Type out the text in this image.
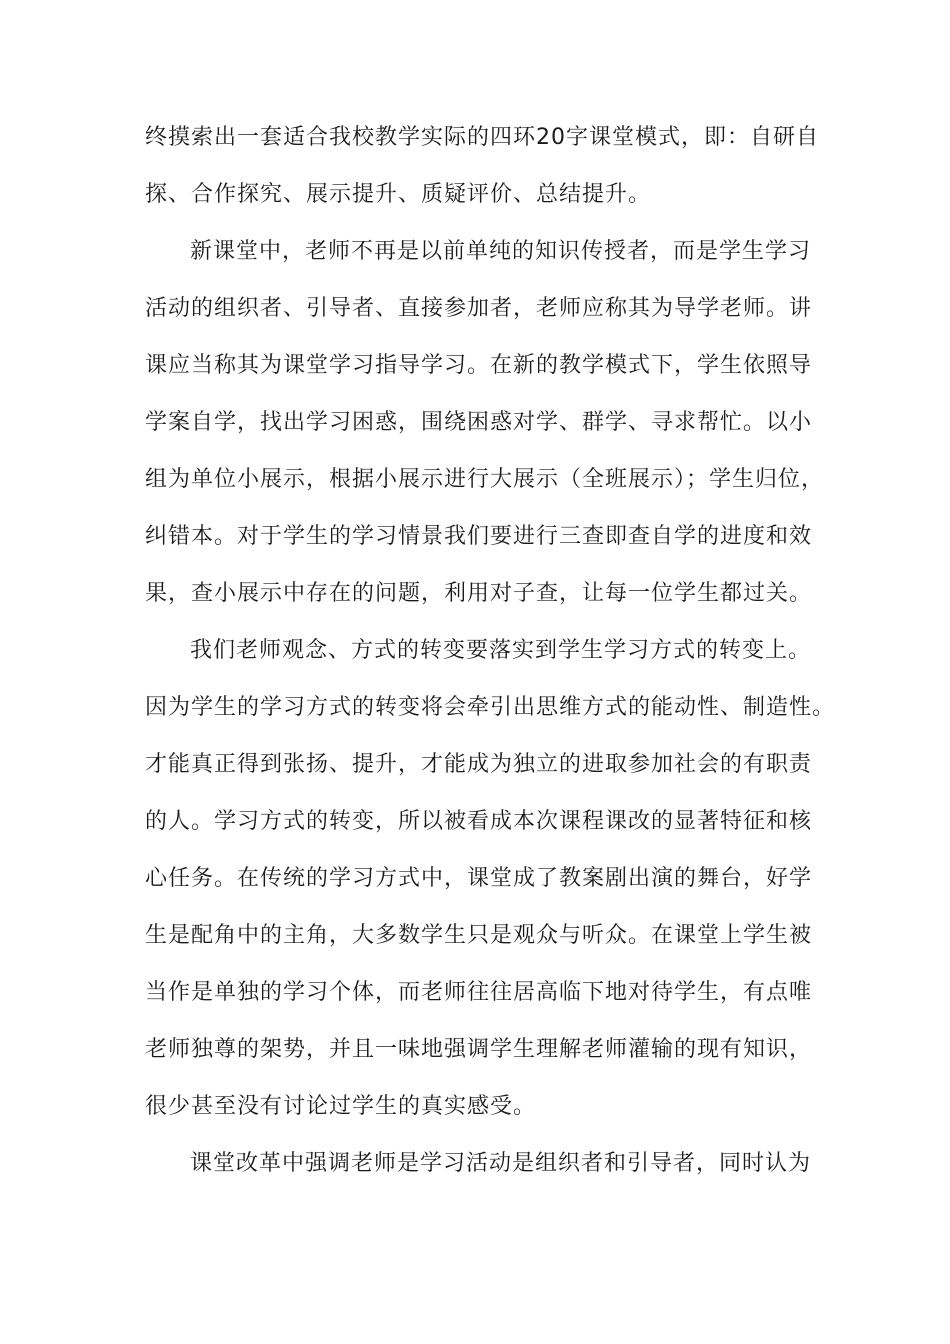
终摸索出一套适合我校教学实际的四环20字课堂模式，即：自研自
探、合作探究、展示提升、质疑评价、总结提升。
新课堂中，老师不再是以前单纯的知识传授者，而是学生学习
活动的组织者、引导者、直接参加者，老师应称其为导学老师。讲
课应当称其为课堂学习指导学习。在新的教学模式下，学生依照导
学案自学，找出学习困惑，围绕困惑对学、群学、寻求帮忙。以小
组为单位小展示，根据小展示进行大展示（全班展示）；学生归位，
纠错本。对于学生的学习情景我们要进行三查即查自学的进度和效
果，查小展示中存在的问题，利用对子查，让每一位学生都过关。
我们老师观念、方式的转变要落实到学生学习方式的转变上。
因为学生的学习方式的转变将会牵引出思维方式的能动性、制造性。
才能真正得到张扬、提升，才能成为独立的进取参加社会的有职责
的人。学习方式的转变，所以被看成本次课程课改的显著特征和核
心任务。在传统的学习方式中，课堂成了教案剧出演的舞台，好学
生是配角中的主角，大多数学生只是观众与听众。在课堂上学生被
当作是单独的学习个体，而老师往往居高临下地对待学生，有点唯
老师独尊的架势，并且一味地强调学生理解老师灌输的现有知识，
很少甚至没有讨论过学生的真实感受。
课堂改革中强调老师是学习活动是组织者和引导者，同时认为
